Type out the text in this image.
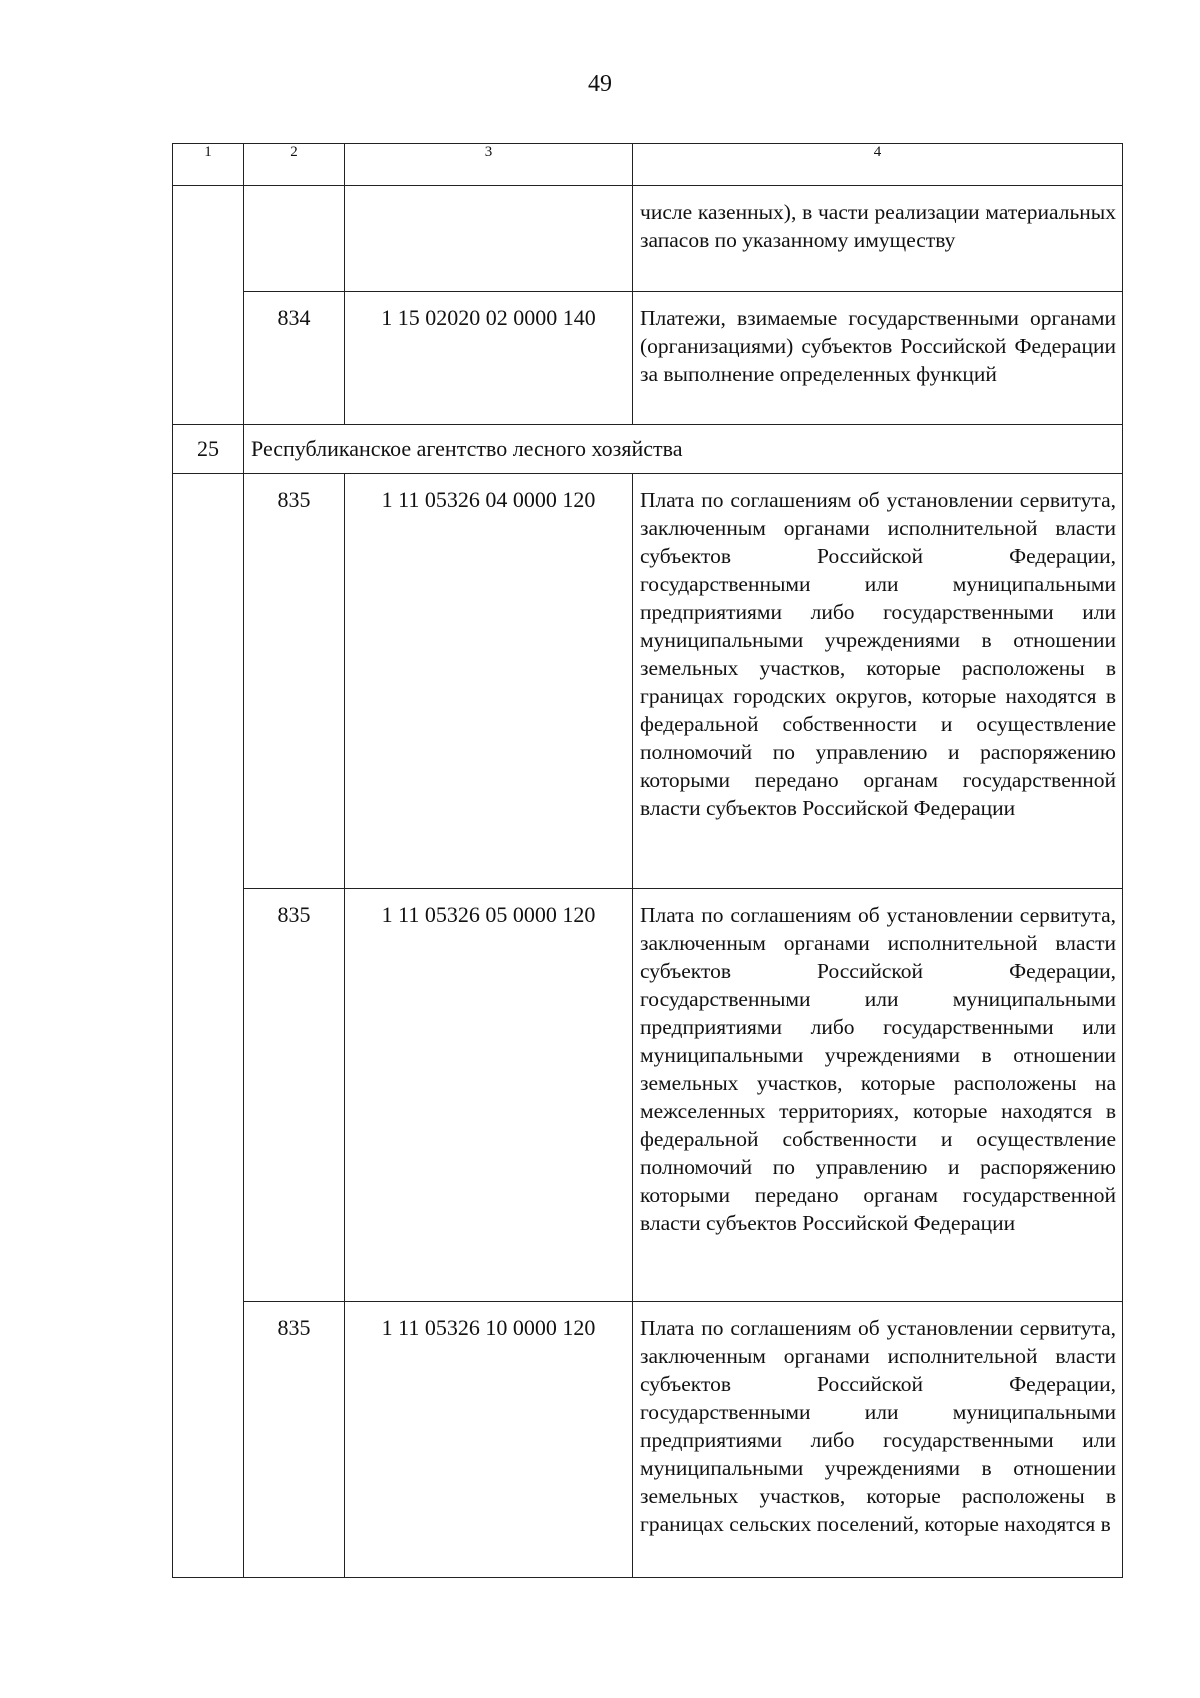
49
1	2	3	4
			числе казенных), в части реализации материальных запасов по указанному имуществу
	834	1 15 02020 02 0000 140	Платежи, взимаемые государственными органами (организациями) субъектов Российской Федерации за выполнение определенных функций
25	Республиканское агентство лесного хозяйства		
	835	1 11 05326 04 0000 120	Плата по соглашениям об установлении сервитута, заключенным органами исполнительной власти субъектов Российской Федерации, государственными или муниципальными предприятиями либо государственными или муниципальными учреждениями в отношении земельных участков, которые расположены в границах городских округов, которые находятся в федеральной собственности и осуществление полномочий по управлению и распоряжению которыми передано органам государственной власти субъектов Российской Федерации
	835	1 11 05326 05 0000 120	Плата по соглашениям об установлении сервитута, заключенным органами исполнительной власти субъектов Российской Федерации, государственными или муниципальными предприятиями либо государственными или муниципальными учреждениями в отношении земельных участков, которые расположены на межселенных территориях, которые находятся в федеральной собственности и осуществление полномочий по управлению и распоряжению которыми передано органам государственной власти субъектов Российской Федерации
	835	1 11 05326 10 0000 120	Плата по соглашениям об установлении сервитута, заключенным органами исполнительной власти субъектов Российской Федерации, государственными или муниципальными предприятиями либо государственными или муниципальными учреждениями в отношении земельных участков, которые расположены в границах сельских поселений, которые находятся в
